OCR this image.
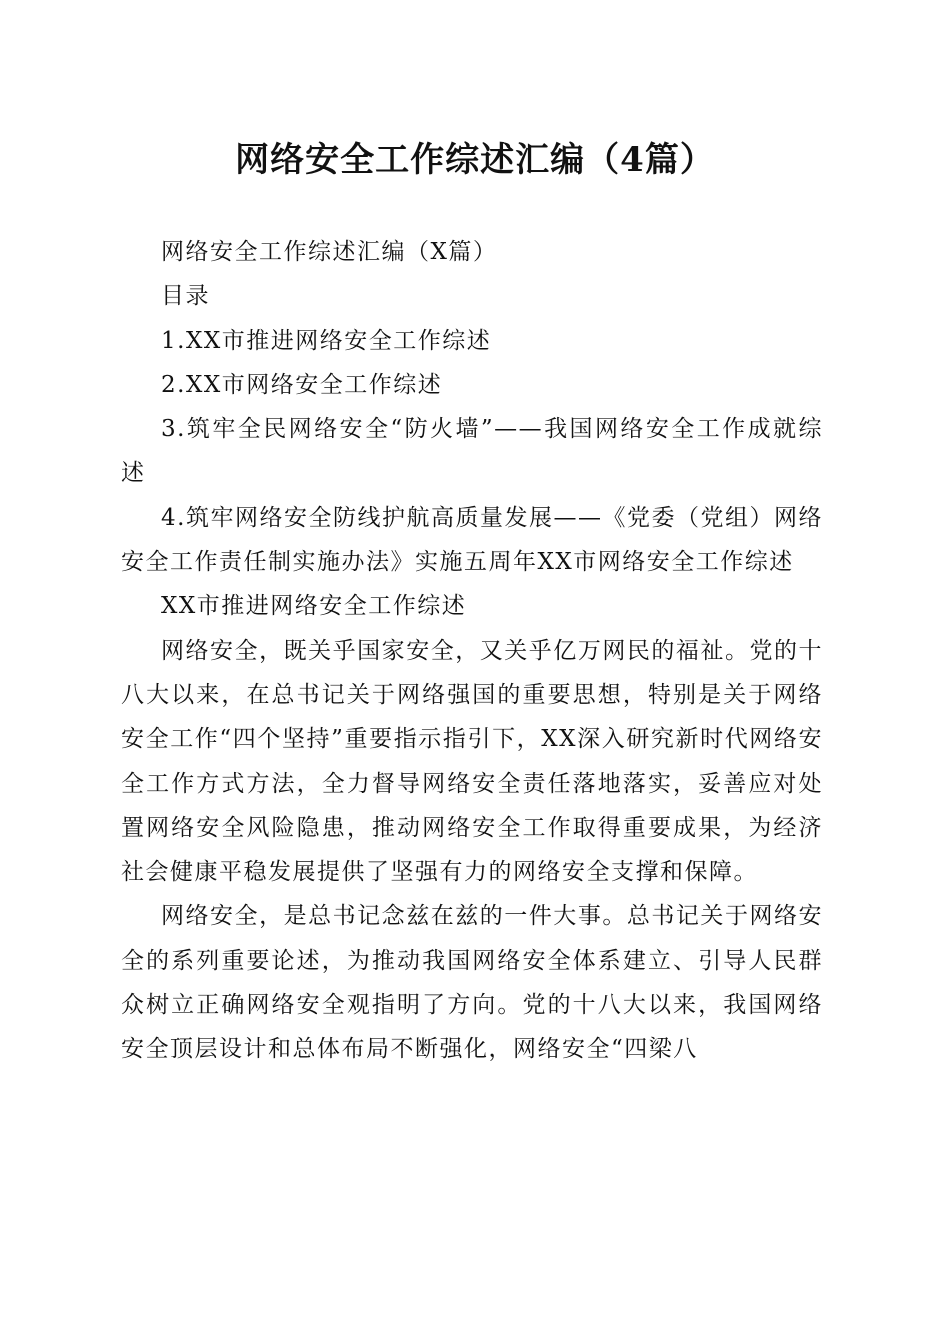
网络安全工作综述汇编（4篇）

网络安全工作综述汇编（X篇）

目录

1.XX市推进网络安全工作综述

2.XX市网络安全工作综述

3.筑牢全民网络安全“防火墙”——我国网络安全工作成就综述

4.筑牢网络安全防线护航高质量发展——《党委（党组）网络安全工作责任制实施办法》实施五周年XX市网络安全工作综述

XX市推进网络安全工作综述

网络安全，既关乎国家安全，又关乎亿万网民的福祉。党的十八大以来，在总书记关于网络强国的重要思想，特别是关于网络安全工作“四个坚持”重要指示指引下，XX深入研究新时代网络安全工作方式方法，全力督导网络安全责任落地落实，妥善应对处置网络安全风险隐患，推动网络安全工作取得重要成果，为经济社会健康平稳发展提供了坚强有力的网络安全支撑和保障。

网络安全，是总书记念兹在兹的一件大事。总书记关于网络安全的系列重要论述，为推动我国网络安全体系建立、引导人民群众树立正确网络安全观指明了方向。党的十八大以来，我国网络安全顶层设计和总体布局不断强化，网络安全“四梁八
